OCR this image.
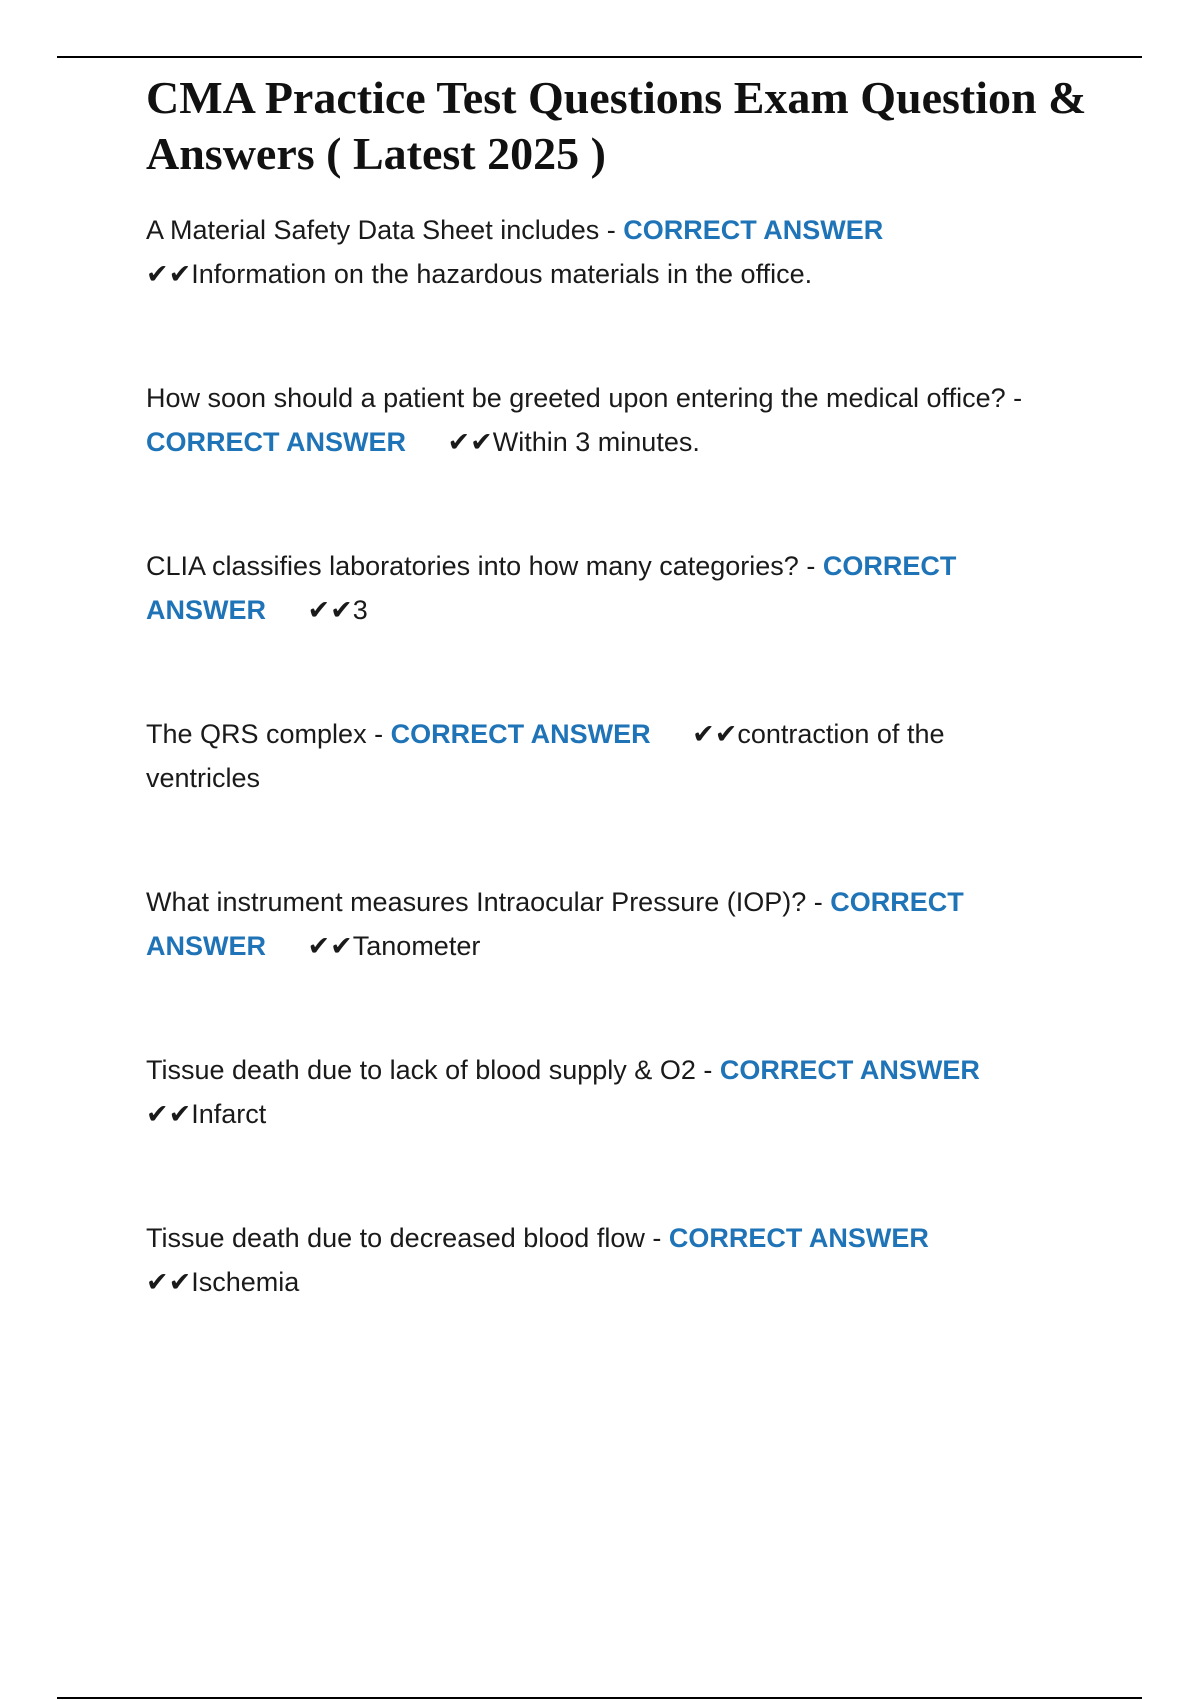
CMA Practice Test Questions Exam Question & Answers ( Latest 2025 )

A Material Safety Data Sheet includes - CORRECT ANSWER
✔✔Information on the hazardous materials in the office.

How soon should a patient be greeted upon entering the medical office? - CORRECT ANSWER ✔✔Within 3 minutes.

CLIA classifies laboratories into how many categories? - CORRECT ANSWER ✔✔3

The QRS complex - CORRECT ANSWER ✔✔contraction of the ventricles

What instrument measures Intraocular Pressure (IOP)? - CORRECT ANSWER ✔✔Tanometer

Tissue death due to lack of blood supply & O2 - CORRECT ANSWER
✔✔Infarct

Tissue death due to decreased blood flow - CORRECT ANSWER
✔✔Ischemia
